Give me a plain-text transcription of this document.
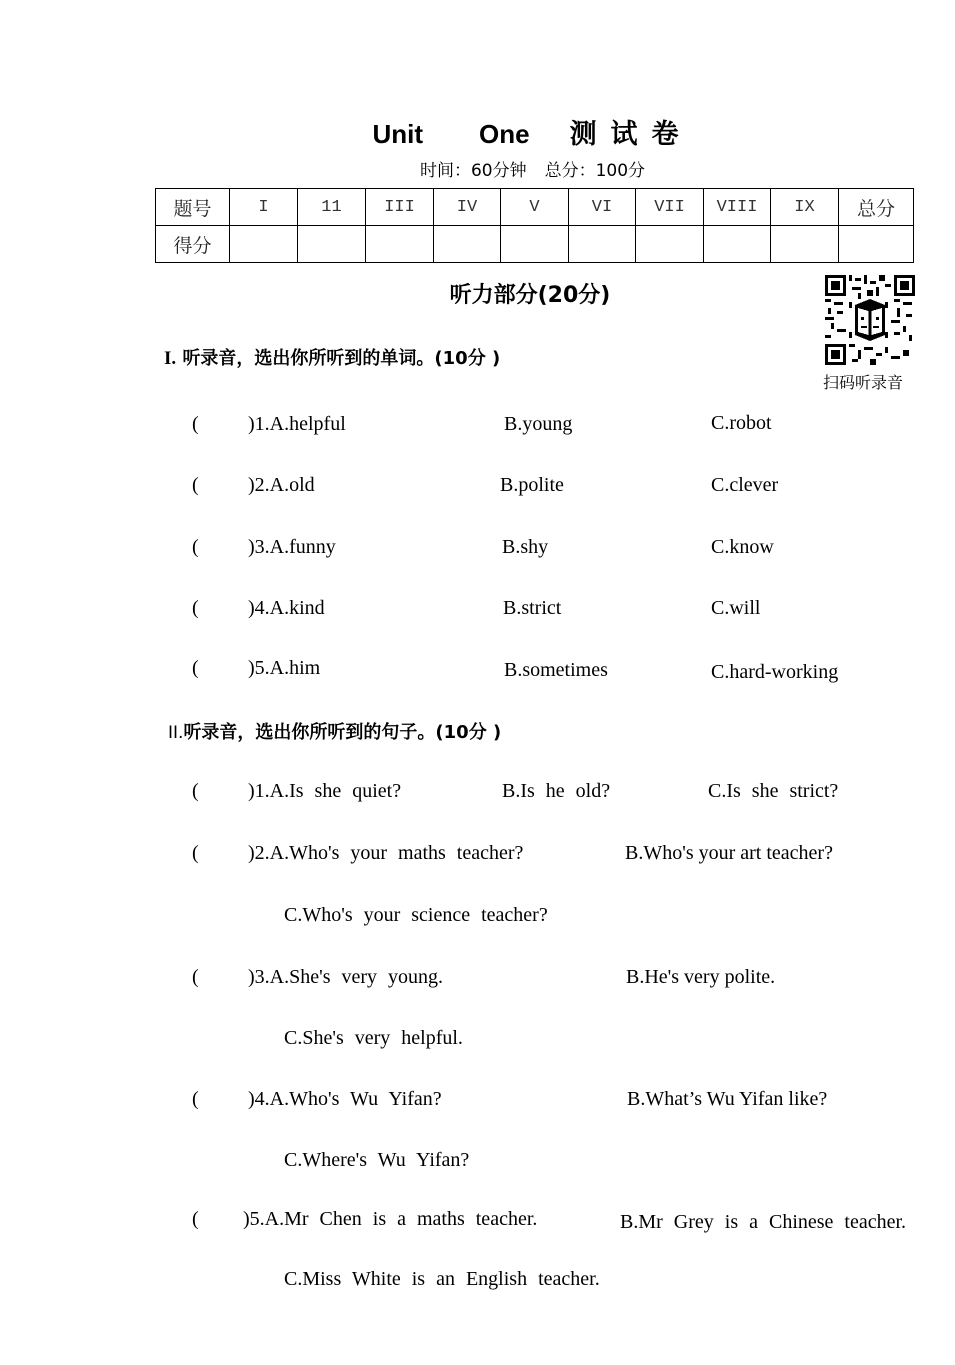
Unit One 测试卷
时间：60分钟 总分：100分
题号	I	11	III	IV	V	VI	VII	VIII	IX	总分
得分										
听力部分(20分)
扫码听录音
I. 听录音，选出你所听到的单词。(10分 )
( )1.A.helpful	B.young	C.robot
( )2.A.old	B.polite	C.clever
( )3.A.funny	B.shy	C.know
( )4.A.kind	B.strict	C.will
( )5.A.him	B.sometimes	C.hard-working
II.听录音，选出你所听到的句子。(10分 )
( )1.A.Is she quiet?	B.Is he old?	C.Is she strict?
( )2.A.Who's your maths teacher?	B.Who's your art teacher?
C.Who's your science teacher?
( )3.A.She's very young.	B.He's very polite.
C.She's very helpful.
( )4.A.Who's Wu Yifan?	B.What’s Wu Yifan like?
C.Where's Wu Yifan?
( )5.A.Mr Chen is a maths teacher.	B.Mr Grey is a Chinese teacher.
C.Miss White is an English teacher.
